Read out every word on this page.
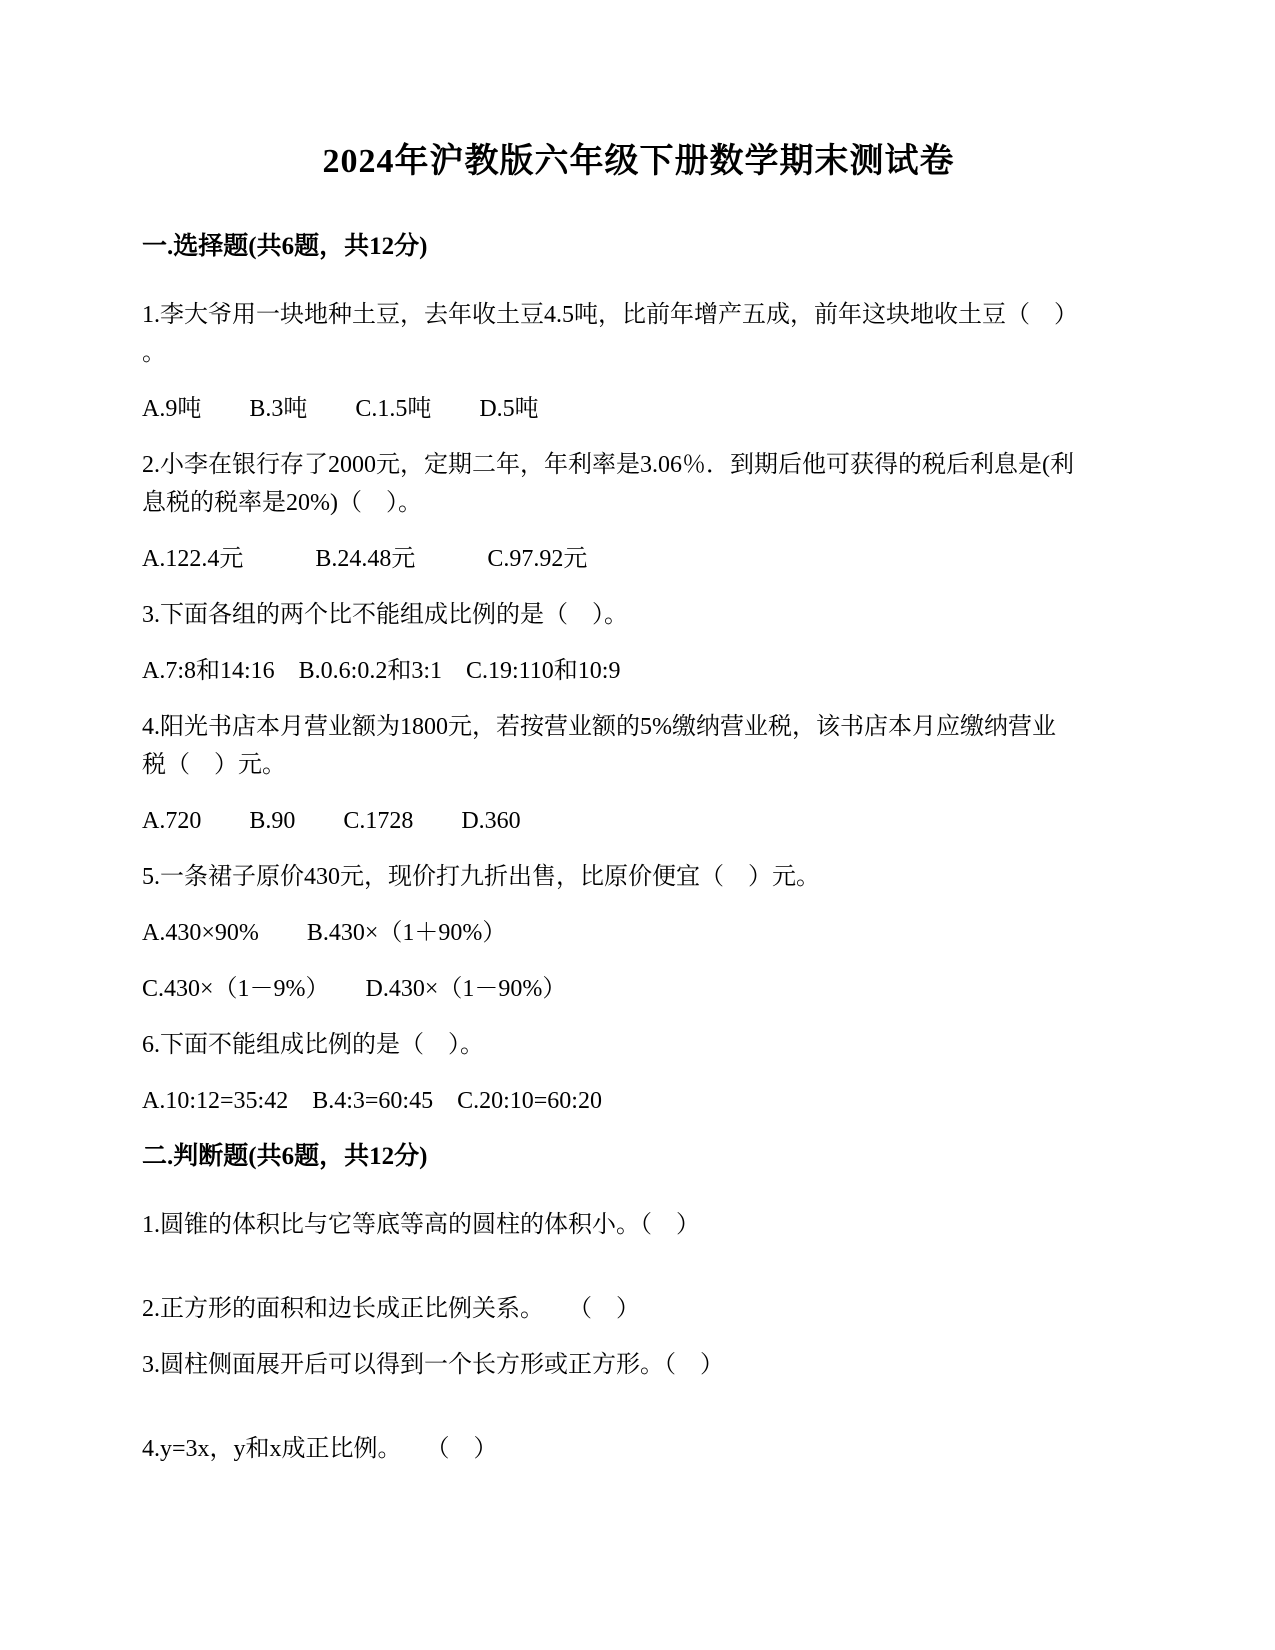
2024年沪教版六年级下册数学期末测试卷
一.选择题(共6题，共12分)

1.李大爷用一块地种土豆，去年收土豆4.5吨，比前年增产五成，前年这块地收土豆（　）
。

A.9吨　　B.3吨　　C.1.5吨　　D.5吨

2.小李在银行存了2000元，定期二年，年利率是3.06％．到期后他可获得的税后利息是(利
息税的税率是20%)（　）。

A.122.4元　　　B.24.48元　　　C.97.92元

3.下面各组的两个比不能组成比例的是（　）。

A.7:8和14:16　B.0.6:0.2和3:1　C.19:110和10:9

4.阳光书店本月营业额为1800元，若按营业额的5%缴纳营业税，该书店本月应缴纳营业
税（　）元。

A.720　　B.90　　C.1728　　D.360

5.一条裙子原价430元，现价打九折出售，比原价便宜（　）元。

A.430×90%　　B.430×（1＋90%）

C.430×（1－9%）　　D.430×（1－90%）

6.下面不能组成比例的是（　）。

A.10:12=35:42　B.4:3=60:45　C.20:10=60:20

二.判断题(共6题，共12分)

1.圆锥的体积比与它等底等高的圆柱的体积小。（　）

2.正方形的面积和边长成正比例关系。　　（　）

3.圆柱侧面展开后可以得到一个长方形或正方形。（　）

4.y=3x，y和x成正比例。　　（　）
